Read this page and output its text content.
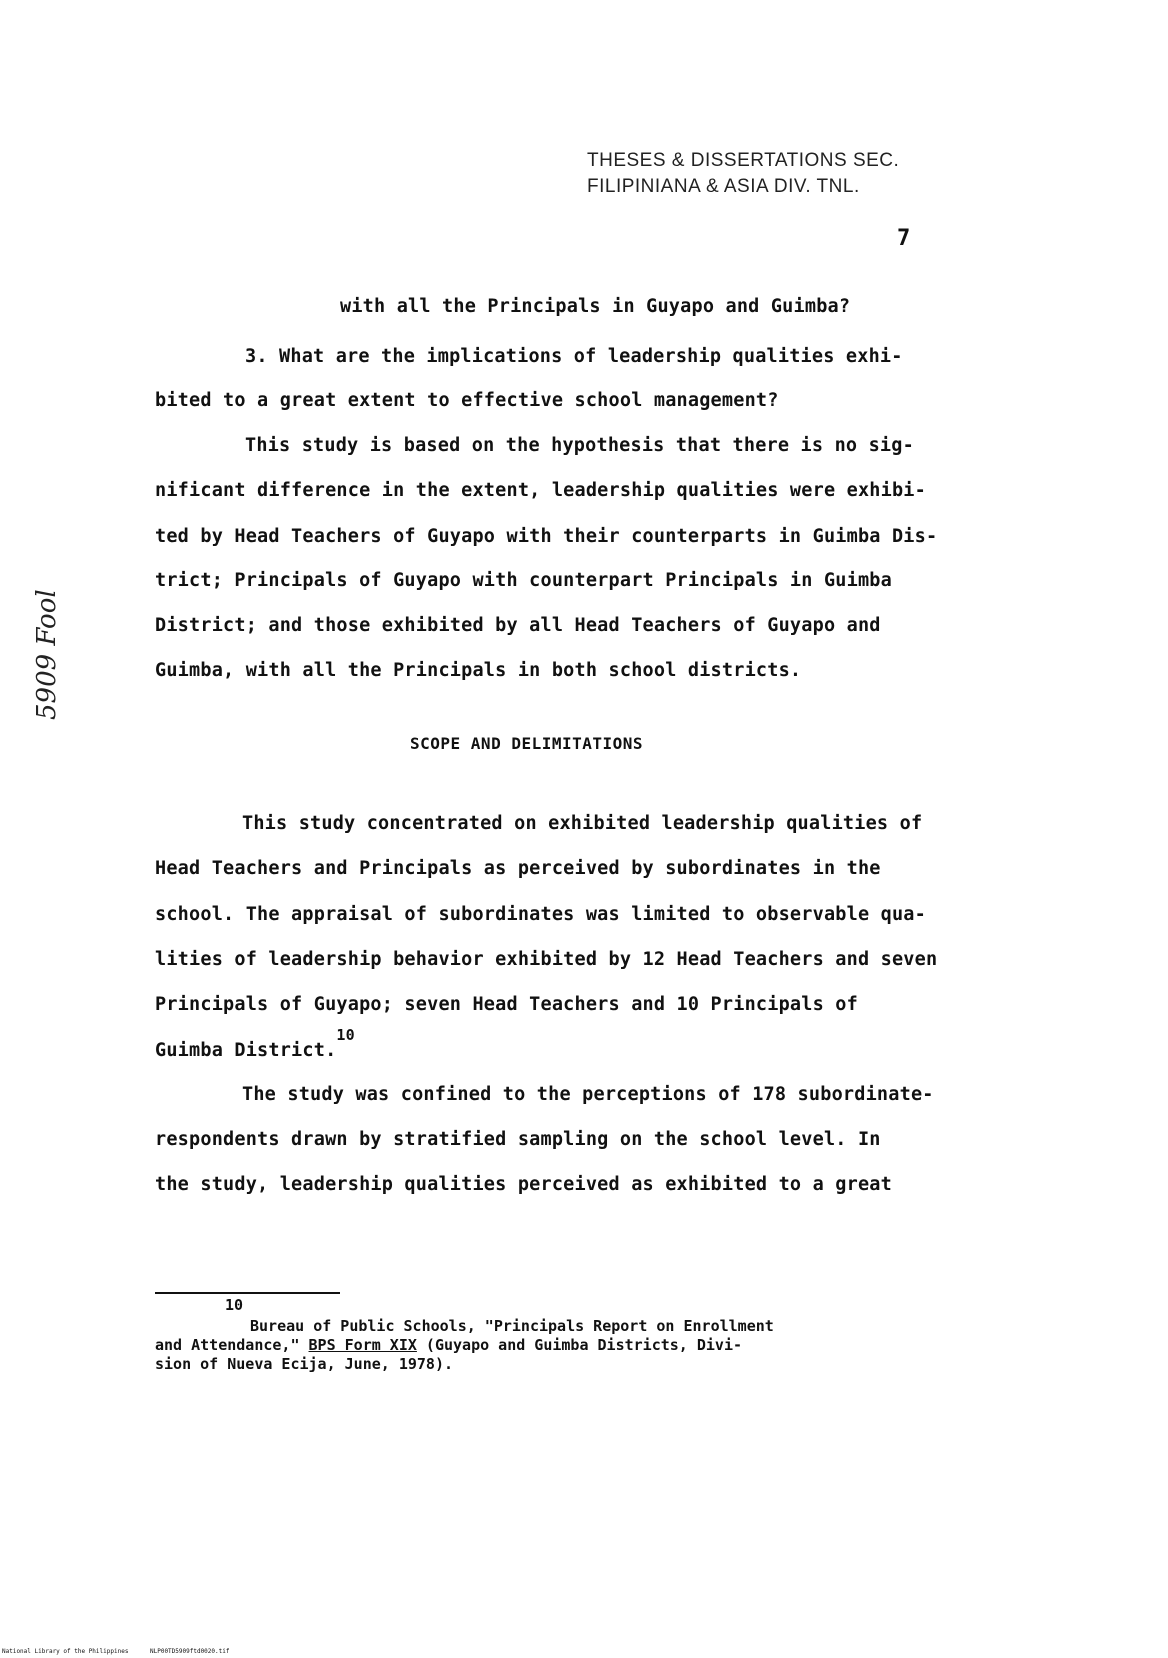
THESES & DISSERTATIONS SEC.
FILIPINIANA & ASIA DIV. TNL.
7
5909 Fool
with all the Principals in Guyapo and Guimba?
3. What are the implications of leadership qualities exhi-
bited to a great extent to effective school management?
This study is based on the hypothesis that there is no sig-
nificant difference in the extent, leadership qualities were exhibi-
ted by Head Teachers of Guyapo with their counterparts in Guimba Dis-
trict; Principals of Guyapo with counterpart Principals in Guimba
District; and those exhibited by all Head Teachers of Guyapo and
Guimba, with all the Principals in both school districts.
SCOPE AND DELIMITATIONS
This study concentrated on exhibited leadership qualities of
Head Teachers and Principals as perceived by subordinates in the
school. The appraisal of subordinates was limited to observable qua-
lities of leadership behavior exhibited by 12 Head Teachers and seven
Principals of Guyapo; seven Head Teachers and 10 Principals of
Guimba District.$^{10}$
The study was confined to the perceptions of 178 subordinate-
respondents drawn by stratified sampling on the school level. In
the study, leadership qualities perceived as exhibited to a great
10
Bureau of Public Schools, "Principals Report on Enrollment
and Attendance," BPS Form XIX (Guyapo and Guimba Districts, Divi-
sion of Nueva Ecija, June, 1978).
National Library of the Philippines	NLP00TD5909ftd0020.tif
